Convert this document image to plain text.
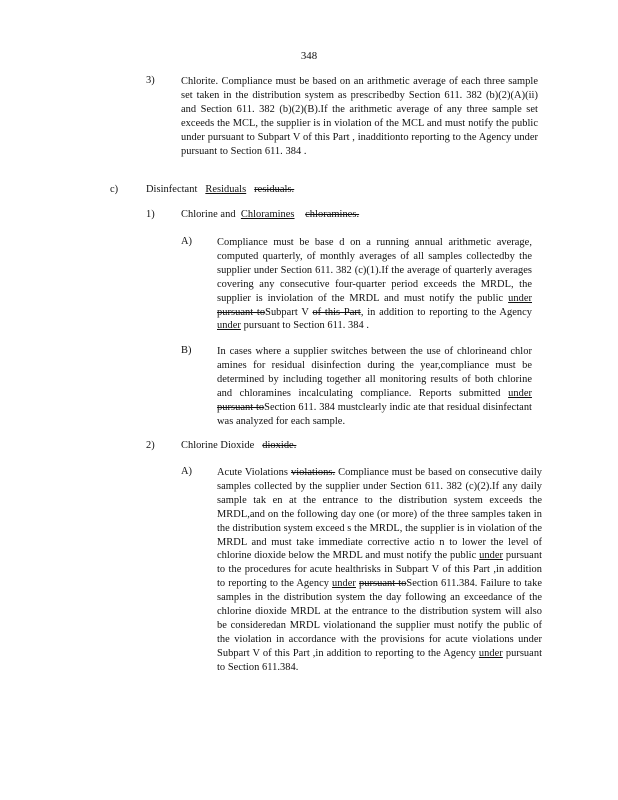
348
3)	Chlorite. Compliance must be based on an arithmetic average of each three sample set taken in the distribution system as prescribedby Section 611. 382 (b)(2)(A)(ii) and Section 611. 382 (b)(2)(B).If the arithmetic average of any three sample set exceeds the MCL, the supplier is in violation of the MCL and must notify the public under pursuant to Subpart V of this Part , inadditionto reporting to the Agency under pursuant to Section 611. 384 .
c)	Disinfectant Residuals residuals.
1)	Chlorine and Chloramines chloramines.
A) Compliance must be base d on a running annual arithmetic average, computed quarterly, of monthly averages of all samples collectedby the supplier under Section 611. 382 (c)(1).If the average of quarterly averages covering any consecutive four-quarter period exceeds the MRDL, the supplier is inviolation of the MRDL and must notify the public under pursuant toSubpart V of this Part, in addition to reporting to the Agency under pursuant to Section 611. 384 .
B) In cases where a supplier switches between the use of chlorineand chlor amines for residual disinfection during the year,compliance must be determined by including together all monitoring results of both chlorine and chloramines incalculating compliance. Reports submitted under pursuant toSection 611. 384 mustclearly indic ate that residual disinfectant was analyzed for each sample.
2)	Chlorine Dioxide dioxide.
A) Acute Violations violations. Compliance must be based on consecutive daily samples collected by the supplier under Section 611. 382 (c)(2).If any daily sample tak en at the entrance to the distribution system exceeds the MRDL,and on the following day one (or more) of the three samples taken in the distribution system exceed s the MRDL, the supplier is in violation of the MRDL and must take immediate corrective actio n to lower the level of chlorine dioxide below the MRDL and must notify the public under pursuant to the procedures for acute healthrisks in Subpart V of this Part ,in addition to reporting to the Agency under pursuant toSection 611.384. Failure to take samples in the distribution system the day following an exceedance of the chlorine dioxide MRDL at the entrance to the distribution system will also be consideredan MRDL violationand the supplier must notify the public of the violation in accordance with the provisions for acute violations under Subpart V of this Part ,in addition to reporting to the Agency under pursuant to Section 611.384.
